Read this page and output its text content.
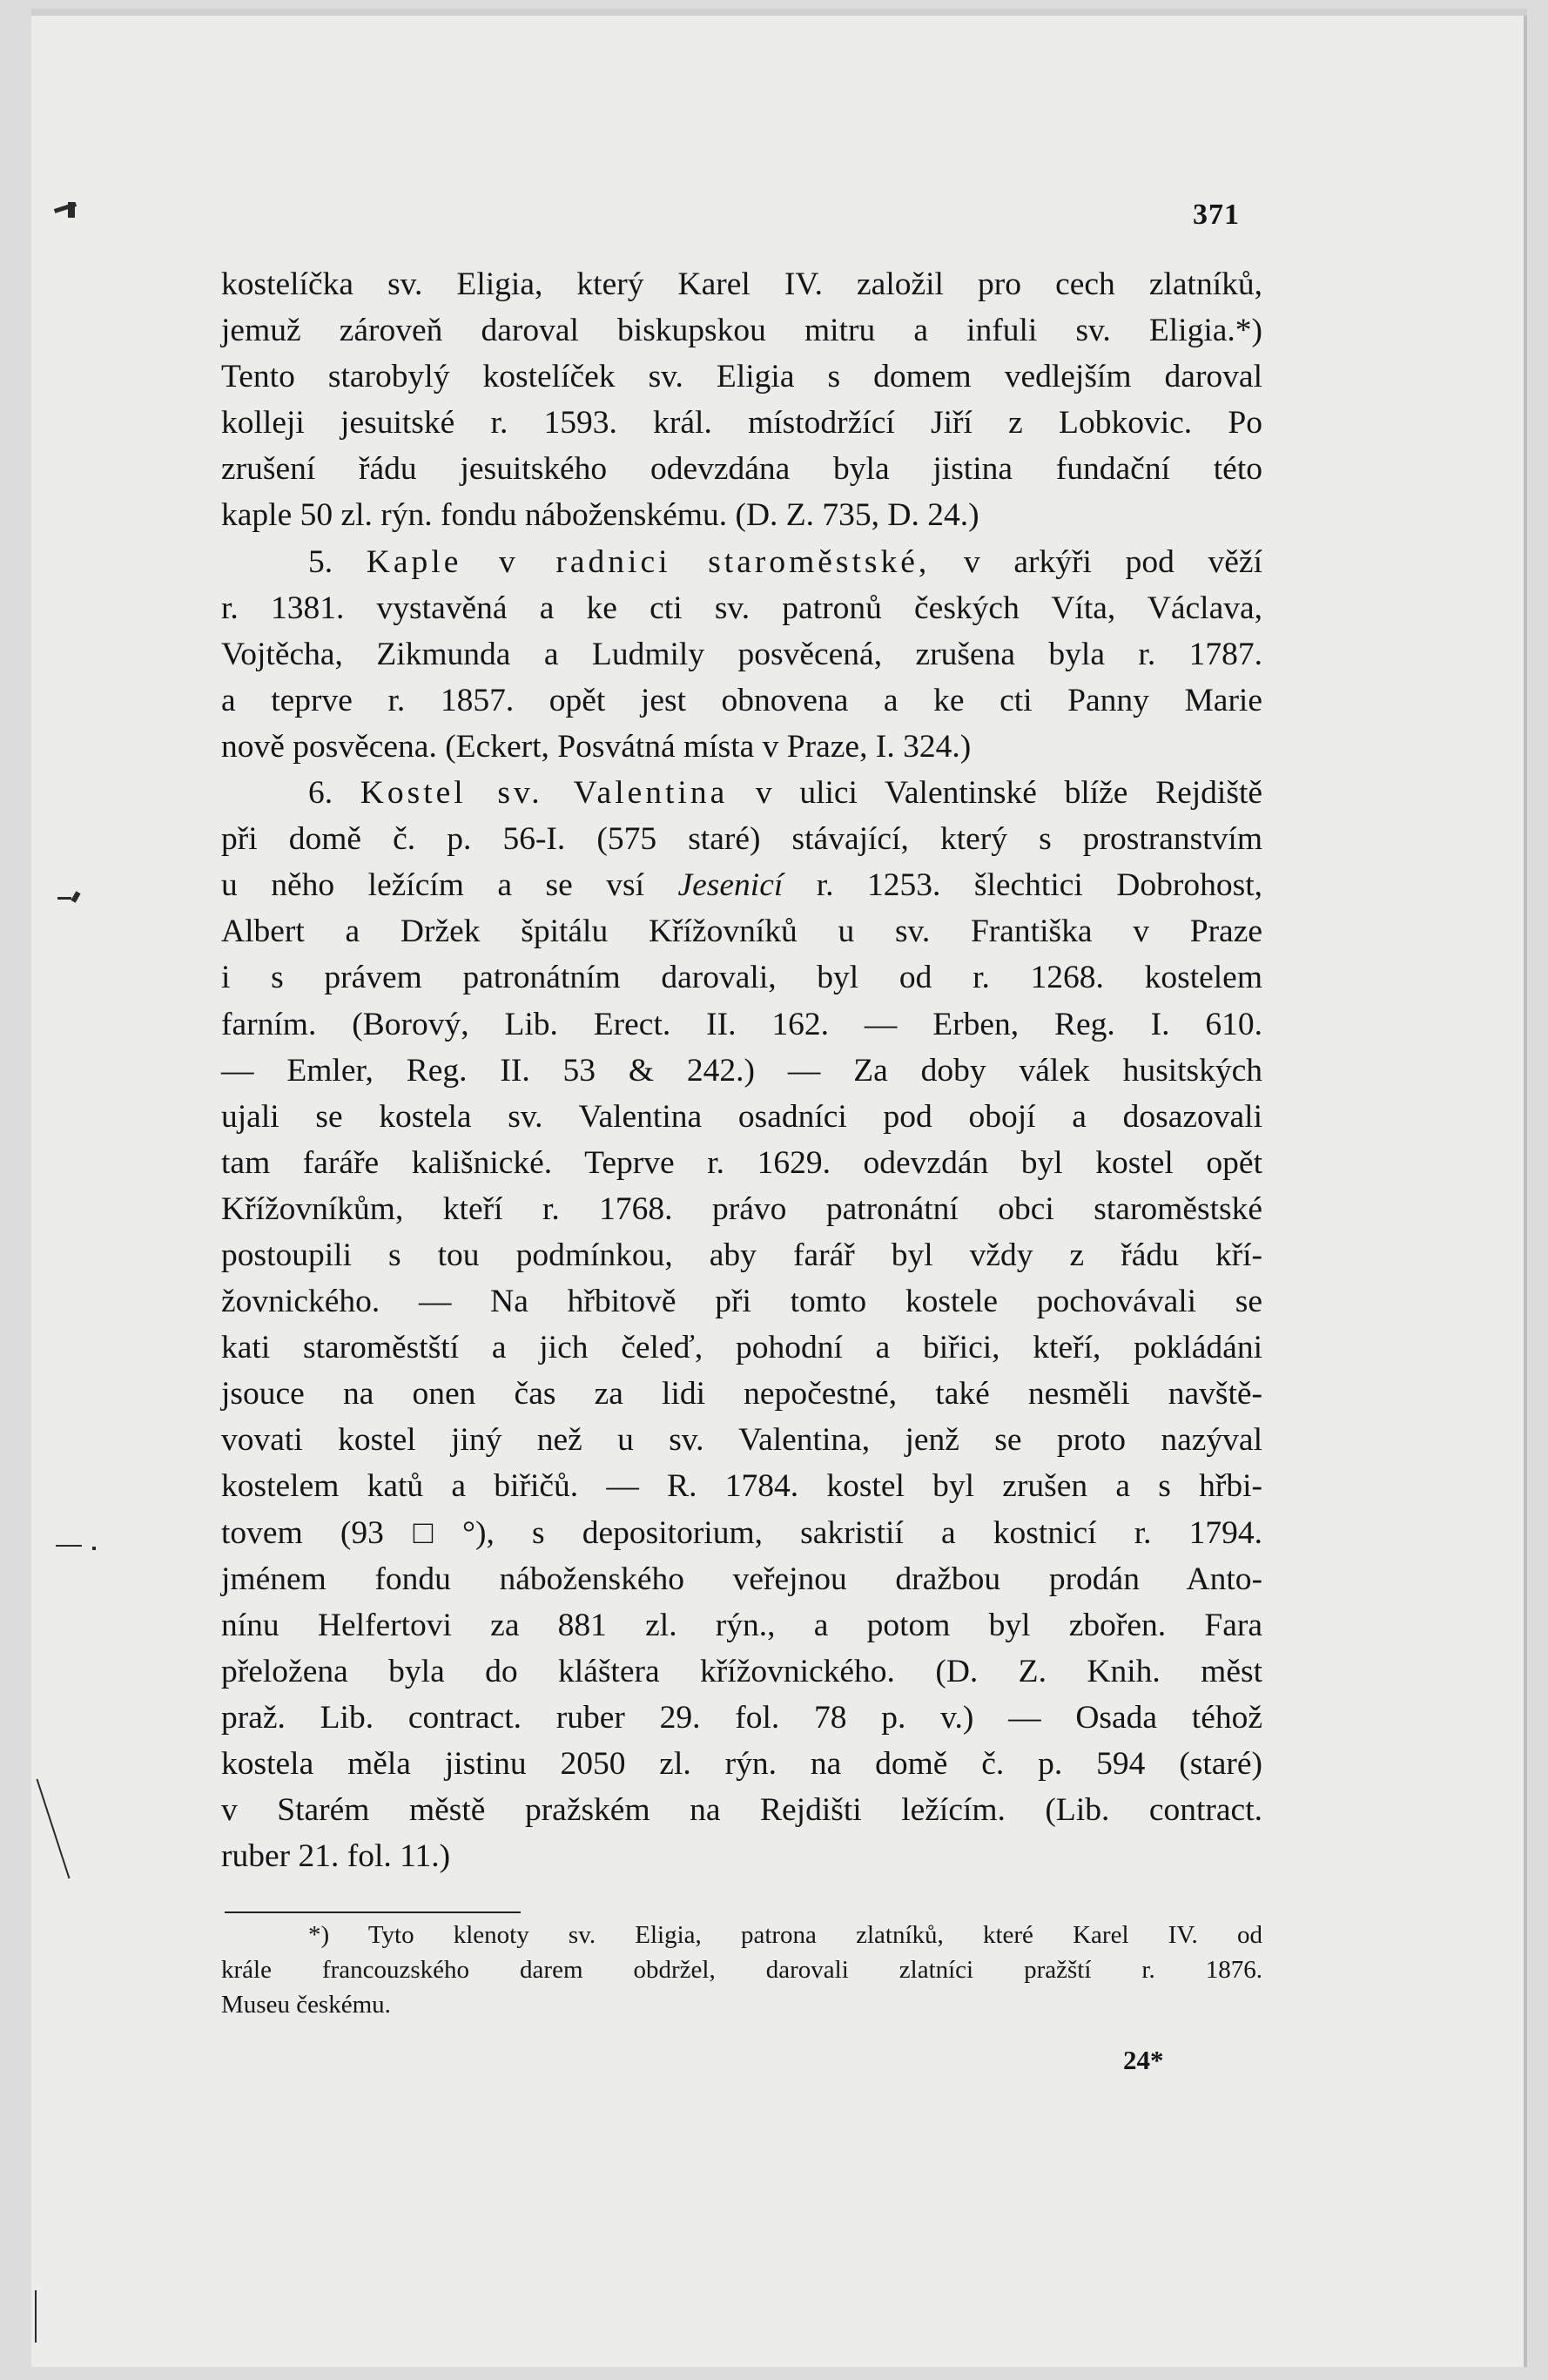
371
kostelíčka sv. Eligia, který Karel IV. založil pro cech zlatníků,
jemuž zároveň daroval biskupskou mitru a infuli sv. Eligia.*)
Tento starobylý kostelíček sv. Eligia s domem vedlejším daroval
kolleji jesuitské r. 1593. král. místodržící Jiří z Lobkovic. Po
zrušení řádu jesuitského odevzdána byla jistina fundační této
kaple 50 zl. rýn. fondu náboženskému. (D. Z. 735, D. 24.)
5. Kaple v radnici staroměstské, v arkýři pod věží
r. 1381. vystavěná a ke cti sv. patronů českých Víta, Václava,
Vojtěcha, Zikmunda a Ludmily posvěcená, zrušena byla r. 1787.
a teprve r. 1857. opět jest obnovena a ke cti Panny Marie
nově posvěcena. (Eckert, Posvátná místa v Praze, I. 324.)
6. Kostel sv. Valentina v ulici Valentinské blíže Rejdiště
při domě č. p. 56-I. (575 staré) stávající, který s prostranstvím
u něho ležícím a se vsí Jesenicí r. 1253. šlechtici Dobrohost,
Albert a Držek špitálu Křížovníků u sv. Františka v Praze
i s právem patronátním darovali, byl od r. 1268. kostelem
farním. (Borový, Lib. Erect. II. 162. — Erben, Reg. I. 610.
— Emler, Reg. II. 53 & 242.) — Za doby válek husitských
ujali se kostela sv. Valentina osadníci pod obojí a dosazovali
tam faráře kališnické. Teprve r. 1629. odevzdán byl kostel opět
Křížovníkům, kteří r. 1768. právo patronátní obci staroměstské
postoupili s tou podmínkou, aby farář byl vždy z řádu kří-
žovnického. — Na hřbitově při tomto kostele pochovávali se
kati staroměstští a jich čeleď, pohodní a biřici, kteří, pokládáni
jsouce na onen čas za lidi nepočestné, také nesměli navště-
vovati kostel jiný než u sv. Valentina, jenž se proto nazýval
kostelem katů a biřičů. — R. 1784. kostel byl zrušen a s hřbi-
tovem (93□°), s depositorium, sakristií a kostnicí r. 1794.
jménem fondu náboženského veřejnou dražbou prodán Anto-
nínu Helfertovi za 881 zl. rýn., a potom byl zbořen. Fara
přeložena byla do kláštera křížovnického. (D. Z. Knih. měst
praž. Lib. contract. ruber 29. fol. 78 p. v.) — Osada téhož
kostela měla jistinu 2050 zl. rýn. na domě č. p. 594 (staré)
v Starém městě pražském na Rejdišti ležícím. (Lib. contract.
ruber 21. fol. 11.)
*) Tyto klenoty sv. Eligia, patrona zlatníků, které Karel IV. od
krále francouzského darem obdržel, darovali zlatníci pražští r. 1876.
Museu českému.
24*
